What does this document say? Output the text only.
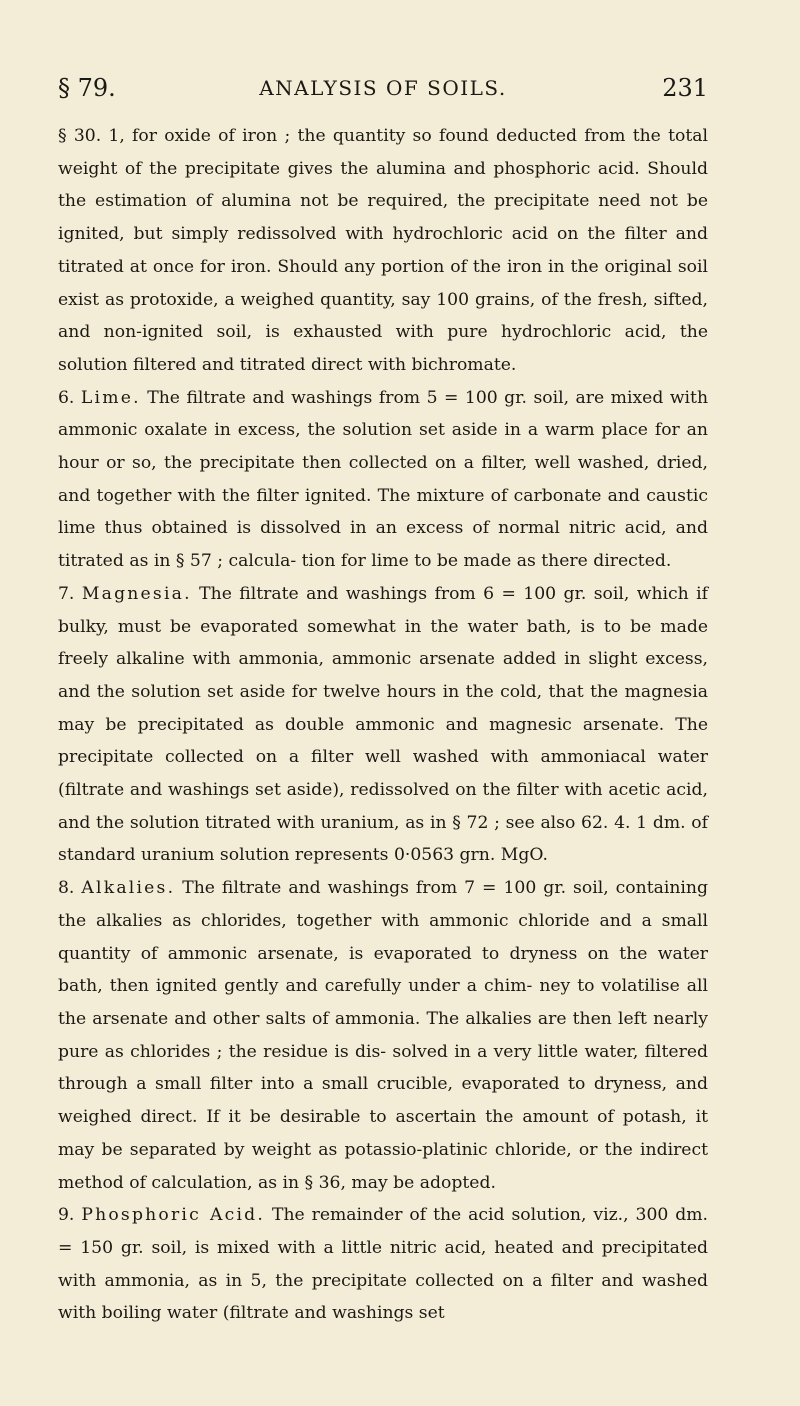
§ 79.	ANALYSIS OF SOILS.	231

§ 30. 1, for oxide of iron ; the quantity so found deducted from the total weight of the precipitate gives the alumina and phosphoric acid. Should the estimation of alumina not be required, the precipitate need not be ignited, but simply redissolved with hydrochloric acid on the filter and titrated at once for iron. Should any portion of the iron in the original soil exist as protoxide, a weighed quantity, say 100 grains, of the fresh, sifted, and non-ignited soil, is exhausted with pure hydrochloric acid, the solution filtered and titrated direct with bichromate.

6. Lime. The filtrate and washings from 5 = 100 gr. soil, are mixed with ammonic oxalate in excess, the solution set aside in a warm place for an hour or so, the precipitate then collected on a filter, well washed, dried, and together with the filter ignited. The mixture of carbonate and caustic lime thus obtained is dissolved in an excess of normal nitric acid, and titrated as in § 57 ; calcula- tion for lime to be made as there directed.

7. Magnesia. The filtrate and washings from 6 = 100 gr. soil, which if bulky, must be evaporated somewhat in the water bath, is to be made freely alkaline with ammonia, ammonic arsenate added in slight excess, and the solution set aside for twelve hours in the cold, that the magnesia may be precipitated as double ammonic and magnesic arsenate. The precipitate collected on a filter well washed with ammoniacal water (filtrate and washings set aside), redissolved on the filter with acetic acid, and the solution titrated with uranium, as in § 72 ; see also 62. 4. 1 dm. of standard uranium solution represents 0·0563 grn. MgO.

8. Alkalies. The filtrate and washings from 7 = 100 gr. soil, containing the alkalies as chlorides, together with ammonic chloride and a small quantity of ammonic arsenate, is evaporated to dryness on the water bath, then ignited gently and carefully under a chim- ney to volatilise all the arsenate and other salts of ammonia. The alkalies are then left nearly pure as chlorides ; the residue is dis- solved in a very little water, filtered through a small filter into a small crucible, evaporated to dryness, and weighed direct. If it be desirable to ascertain the amount of potash, it may be separated by weight as potassio-platinic chloride, or the indirect method of calculation, as in § 36, may be adopted.

9. Phosphoric Acid. The remainder of the acid solution, viz., 300 dm. = 150 gr. soil, is mixed with a little nitric acid, heated and precipitated with ammonia, as in 5, the precipitate collected on a filter and washed with boiling water (filtrate and washings set
